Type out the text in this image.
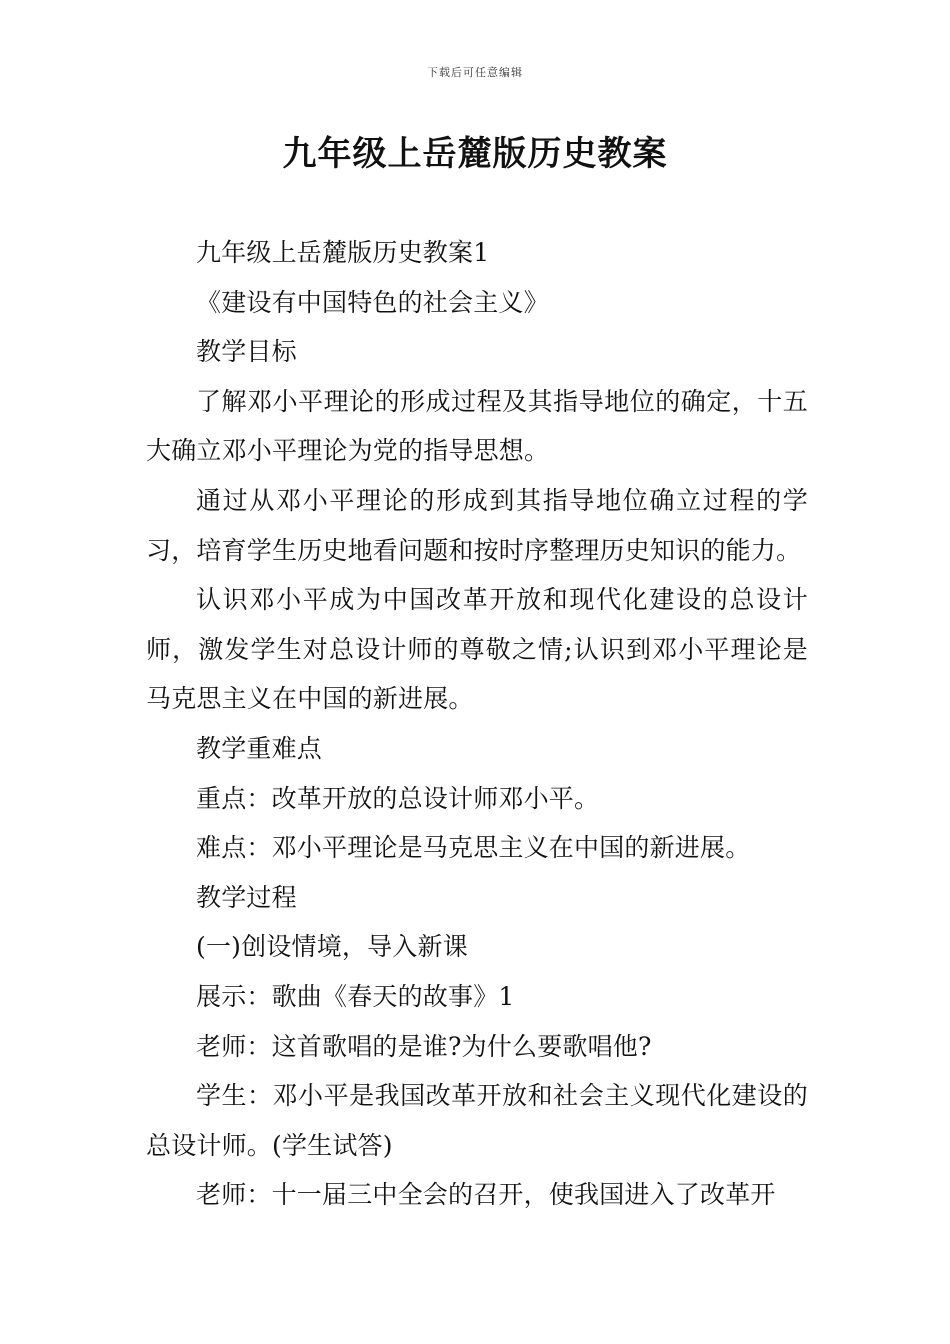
下载后可任意编辑
九年级上岳麓版历史教案

九年级上岳麓版历史教案1

《建设有中国特色的社会主义》

教学目标

了解邓小平理论的形成过程及其指导地位的确定，十五大确立邓小平理论为党的指导思想。

通过从邓小平理论的形成到其指导地位确立过程的学习，培育学生历史地看问题和按时序整理历史知识的能力。

认识邓小平成为中国改革开放和现代化建设的总设计师，激发学生对总设计师的尊敬之情;认识到邓小平理论是马克思主义在中国的新进展。

教学重难点

重点：改革开放的总设计师邓小平。

难点：邓小平理论是马克思主义在中国的新进展。

教学过程

(一)创设情境，导入新课

展示：歌曲《春天的故事》1

老师：这首歌唱的是谁?为什么要歌唱他?

学生：邓小平是我国改革开放和社会主义现代化建设的总设计师。(学生试答)

老师：十一届三中全会的召开，使我国进入了改革开
